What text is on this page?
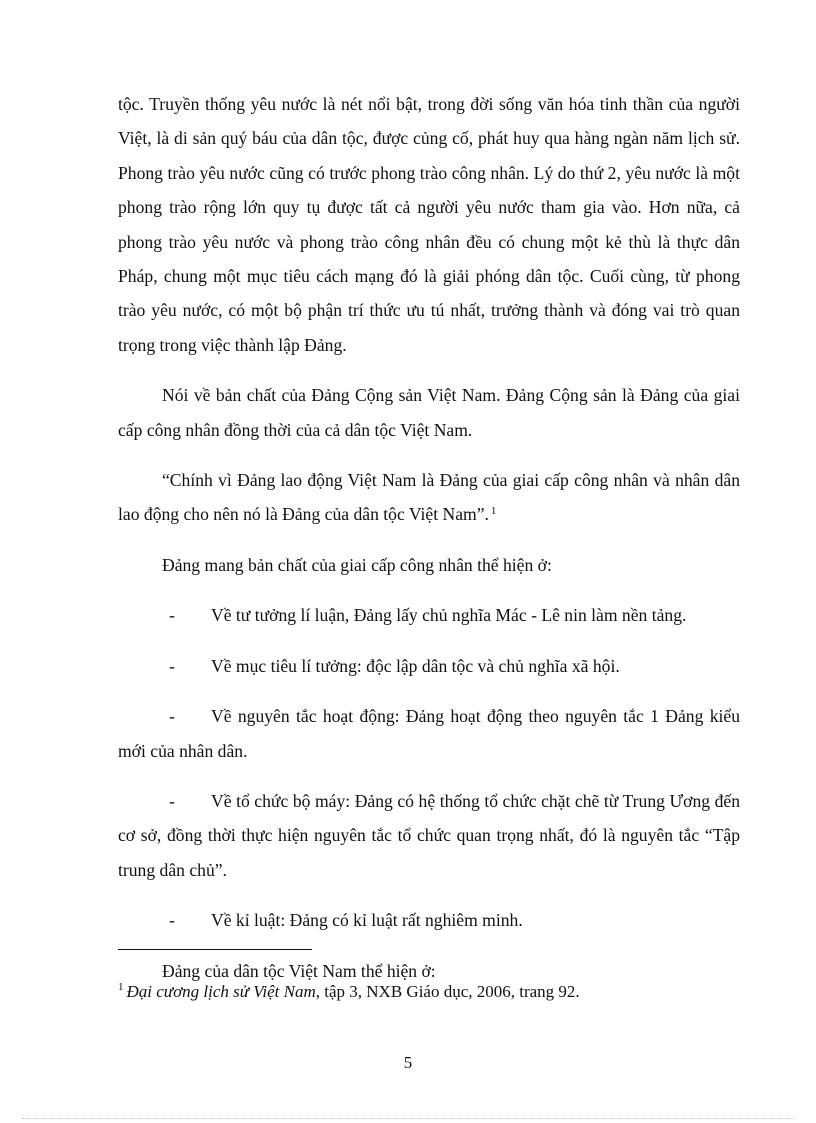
tộc. Truyền thống yêu nước là nét nổi bật, trong đời sống văn hóa tinh thần của người Việt, là di sản quý báu của dân tộc, được củng cố, phát huy qua hàng ngàn năm lịch sử. Phong trào yêu nước cũng có trước phong trào công nhân. Lý do thứ 2, yêu nước là một phong trào rộng lớn quy tụ được tất cả người yêu nước tham gia vào. Hơn nữa, cả phong trào yêu nước và phong trào công nhân đều có chung một kẻ thù là thực dân Pháp, chung một mục tiêu cách mạng đó là giải phóng dân tộc. Cuối cùng, từ phong trào yêu nước, có một bộ phận trí thức ưu tú nhất, trưởng thành và đóng vai trò quan trọng trong việc thành lập Đảng.

Nói về bản chất của Đảng Cộng sản Việt Nam. Đảng Cộng sản là Đảng của giai cấp công nhân đồng thời của cả dân tộc Việt Nam.

“Chính vì Đảng lao động Việt Nam là Đảng của giai cấp công nhân và nhân dân lao động cho nên nó là Đảng của dân tộc Việt Nam”. $^1$

Đảng mang bản chất của giai cấp công nhân thể hiện ở:

- Về tư tưởng lí luận, Đảng lấy chủ nghĩa Mác - Lê nin làm nền tảng.

- Về mục tiêu lí tưởng: độc lập dân tộc và chủ nghĩa xã hội.

- Về nguyên tắc hoạt động: Đảng hoạt động theo nguyên tắc 1 Đảng kiểu mới của nhân dân.

- Về tổ chức bộ máy: Đảng có hệ thống tổ chức chặt chẽ từ Trung Ương đến cơ sở, đồng thời thực hiện nguyên tắc tổ chức quan trọng nhất, đó là nguyên tắc “Tập trung dân chủ”.

- Về kỉ luật: Đảng có kỉ luật rất nghiêm minh.

Đảng của dân tộc Việt Nam thể hiện ở:

$^1$ Đại cương lịch sử Việt Nam, tập 3, NXB Giáo dục, 2006, trang 92.
5
